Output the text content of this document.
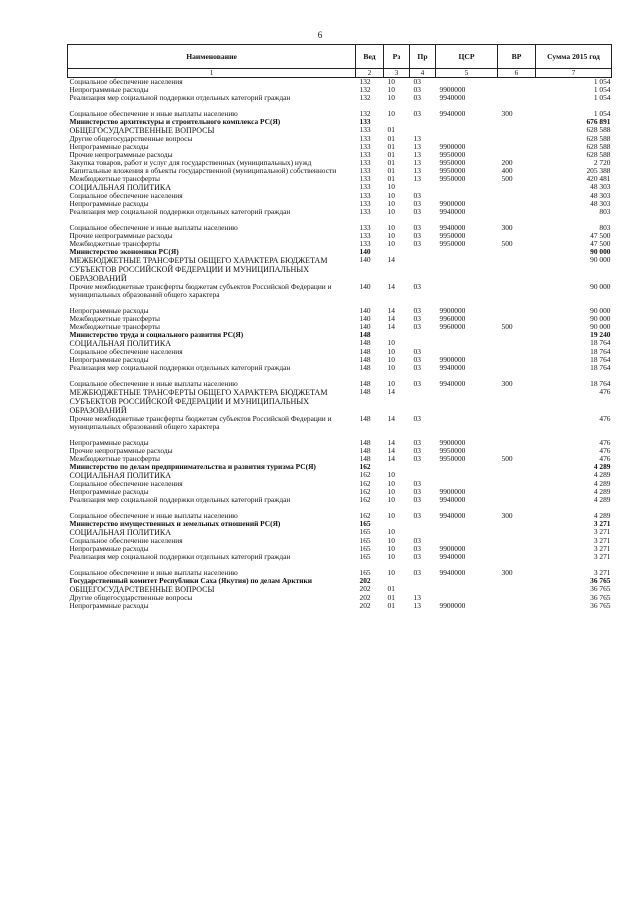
6
Наименование	Вед	Рз	Пр	ЦСР	ВР	Сумма 2015 год
1	2	3	4	5	6	7
Социальное обеспечение населения	132	10	03			1 054
Непрограммные расходы	132	10	03	9900000		1 054
Реализация мер социальной поддержки отдельных категорий граждан	132	10	03	9940000		1 054

Социальное обеспечение и иные выплаты населению	132	10	03	9940000	300	1 054
Министерство архитектуры и строительного комплекса РС(Я)	133					676 891
ОБЩЕГОСУДАРСТВЕННЫЕ ВОПРОСЫ	133	01				628 588
Другие общегосударственные вопросы	133	01	13			628 588
Непрограммные расходы	133	01	13	9900000		628 588
Прочие непрограммные расходы	133	01	13	9950000		628 588
Закупка товаров, работ и услуг для государственных (муниципальных) нужд	133	01	13	9950000	200	2 720
Капитальные вложения в объекты государственной (муниципальной) собственности	133	01	13	9950000	400	205 388
Межбюджетные трансферты	133	01	13	9950000	500	420 481
СОЦИАЛЬНАЯ ПОЛИТИКА	133	10				48 303
Социальное обеспечение населения	133	10	03			48 303
Непрограммные расходы	133	10	03	9900000		48 303
Реализация мер социальной поддержки отдельных категорий граждан	133	10	03	9940000		803

Социальное обеспечение и иные выплаты населению	133	10	03	9940000	300	803
Прочие непрограммные расходы	133	10	03	9950000		47 500
Межбюджетные трансферты	133	10	03	9950000	500	47 500
Министерство экономики РС(Я)	140					90 000
МЕЖБЮДЖЕТНЫЕ ТРАНСФЕРТЫ ОБЩЕГО ХАРАКТЕРА БЮДЖЕТАМ СУБЪЕКТОВ РОССИЙСКОЙ ФЕДЕРАЦИИ И МУНИЦИПАЛЬНЫХ ОБРАЗОВАНИЙ	140	14				90 000
Прочие межбюджетные трансферты бюджетам субъектов Российской Федерации и муниципальных образований общего характера	140	14	03			90 000

Непрограммные расходы	140	14	03	9900000		90 000
Межбюджетные трансферты	140	14	03	9960000		90 000
Межбюджетные трансферты	140	14	03	9960000	500	90 000
Министерство труда и социального развития РС(Я)	148					19 240
СОЦИАЛЬНАЯ ПОЛИТИКА	148	10				18 764
Социальное обеспечение населения	148	10	03			18 764
Непрограммные расходы	148	10	03	9900000		18 764
Реализация мер социальной поддержки отдельных категорий граждан	148	10	03	9940000		18 764

Социальное обеспечение и иные выплаты населению	148	10	03	9940000	300	18 764
МЕЖБЮДЖЕТНЫЕ ТРАНСФЕРТЫ ОБЩЕГО ХАРАКТЕРА БЮДЖЕТАМ СУБЪЕКТОВ РОССИЙСКОЙ ФЕДЕРАЦИИ И МУНИЦИПАЛЬНЫХ ОБРАЗОВАНИЙ	148	14				476
Прочие межбюджетные трансферты бюджетам субъектов Российской Федерации и муниципальных образований общего характера	148	14	03			476

Непрограммные расходы	148	14	03	9900000		476
Прочие непрограммные расходы	148	14	03	9950000		476
Межбюджетные трансферты	148	14	03	9950000	500	476
Министерство по делам предпринимательства и развития туризма РС(Я)	162					4 289
СОЦИАЛЬНАЯ ПОЛИТИКА	162	10				4 289
Социальное обеспечение населения	162	10	03			4 289
Непрограммные расходы	162	10	03	9900000		4 289
Реализация мер социальной поддержки отдельных категорий граждан	162	10	03	9940000		4 289

Социальное обеспечение и иные выплаты населению	162	10	03	9940000	300	4 289
Министерство имущественных и земельных отношений РС(Я)	165					3 271
СОЦИАЛЬНАЯ ПОЛИТИКА	165	10				3 271
Социальное обеспечение населения	165	10	03			3 271
Непрограммные расходы	165	10	03	9900000		3 271
Реализация мер социальной поддержки отдельных категорий граждан	165	10	03	9940000		3 271

Социальное обеспечение и иные выплаты населению	165	10	03	9940000	300	3 271
Государственный комитет Республики Саха (Якутия) по делам Арктики	202					36 765
ОБЩЕГОСУДАРСТВЕННЫЕ ВОПРОСЫ	202	01				36 765
Другие общегосударственные вопросы	202	01	13			36 765
Непрограммные расходы	202	01	13	9900000		36 765
